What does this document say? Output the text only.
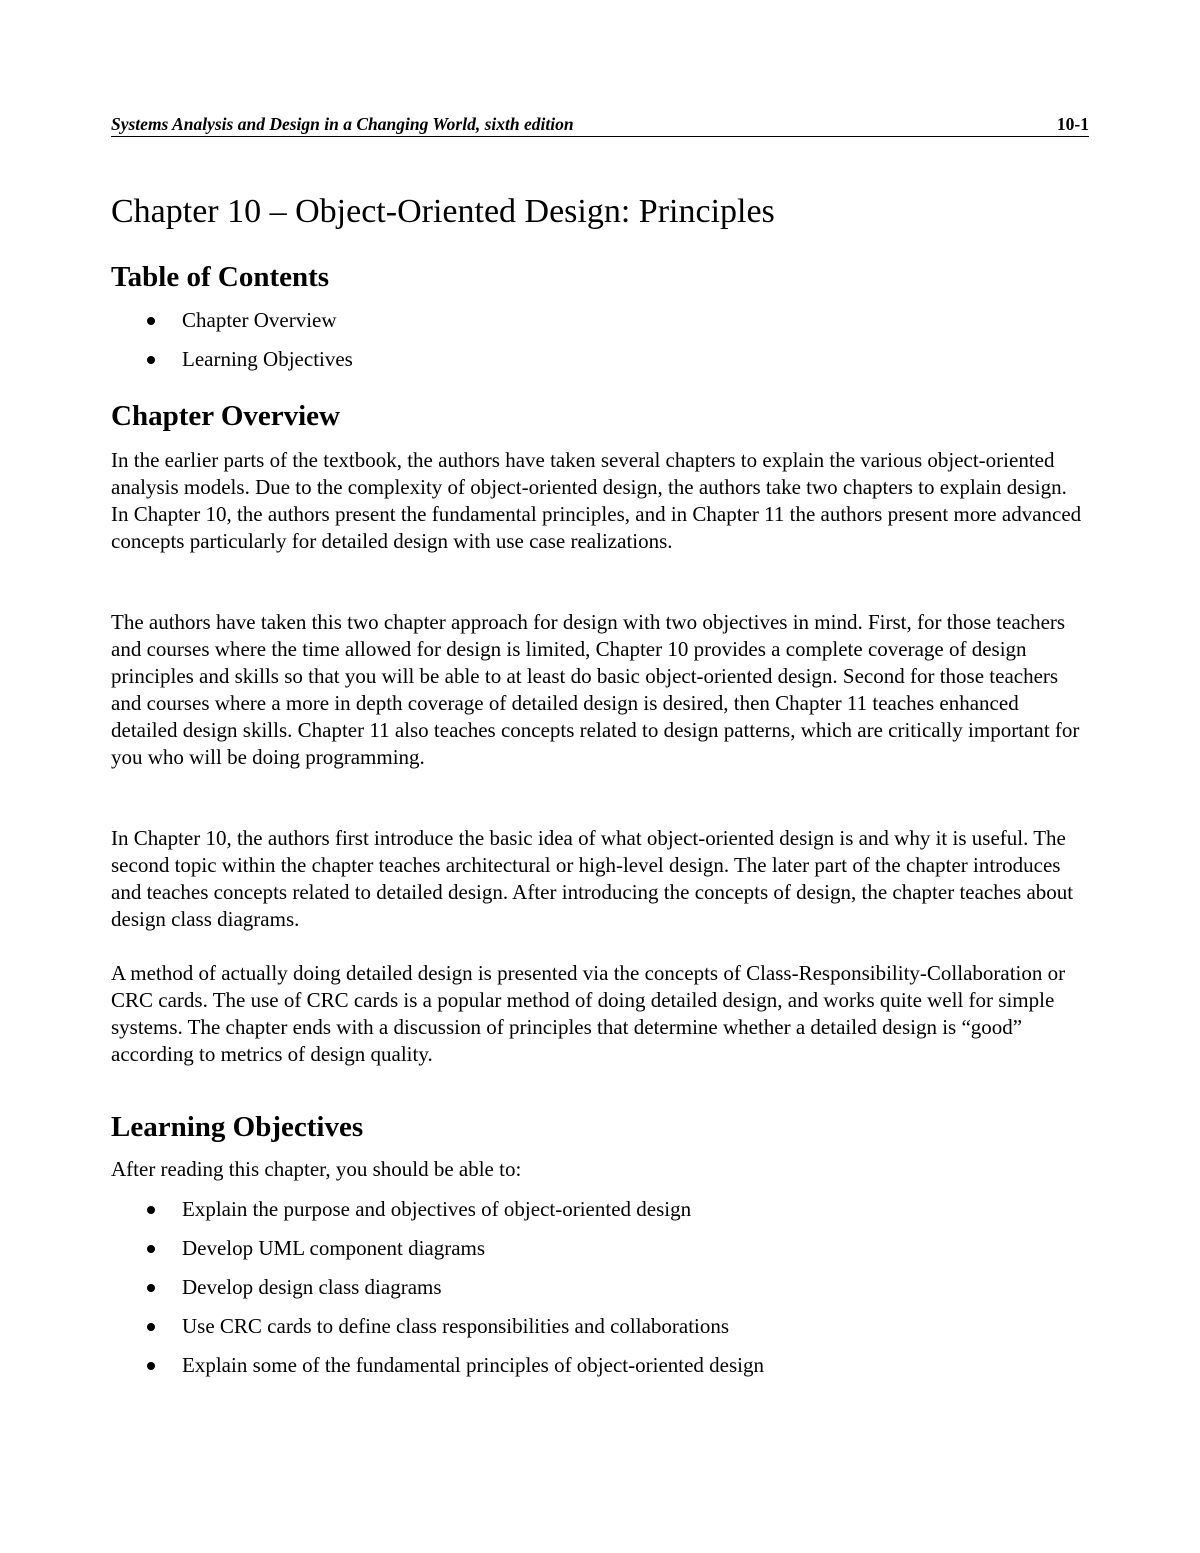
Systems Analysis and Design in a Changing World, sixth edition	10-1
Chapter 10 – Object-Oriented Design: Principles
Table of Contents
Chapter Overview
Learning Objectives
Chapter Overview

In the earlier parts of the textbook, the authors have taken several chapters to explain the various object-oriented analysis models. Due to the complexity of object-oriented design, the authors take two chapters to explain design. In Chapter 10, the authors present the fundamental principles, and in Chapter 11 the authors present more advanced concepts particularly for detailed design with use case realizations.

The authors have taken this two chapter approach for design with two objectives in mind. First, for those teachers and courses where the time allowed for design is limited, Chapter 10 provides a complete coverage of design principles and skills so that you will be able to at least do basic object-oriented design. Second for those teachers and courses where a more in depth coverage of detailed design is desired, then Chapter 11 teaches enhanced detailed design skills. Chapter 11 also teaches concepts related to design patterns, which are critically important for you who will be doing programming.

In Chapter 10, the authors first introduce the basic idea of what object-oriented design is and why it is useful. The second topic within the chapter teaches architectural or high-level design. The later part of the chapter introduces and teaches concepts related to detailed design. After introducing the concepts of design, the chapter teaches about design class diagrams.

A method of actually doing detailed design is presented via the concepts of Class-Responsibility-Collaboration or CRC cards. The use of CRC cards is a popular method of doing detailed design, and works quite well for simple systems. The chapter ends with a discussion of principles that determine whether a detailed design is “good” according to metrics of design quality.

Learning Objectives

After reading this chapter, you should be able to:

Explain the purpose and objectives of object-oriented design
Develop UML component diagrams
Develop design class diagrams
Use CRC cards to define class responsibilities and collaborations
Explain some of the fundamental principles of object-oriented design
